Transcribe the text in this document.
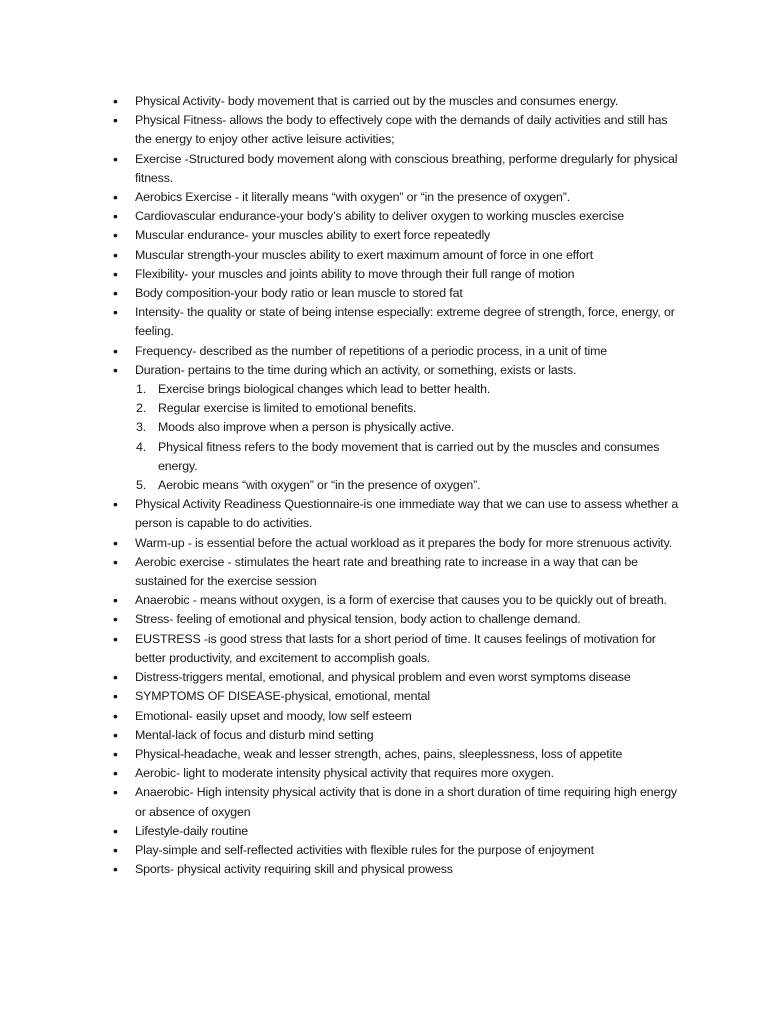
• Physical Activity- body movement that is carried out by the muscles and consumes energy.
• Physical Fitness- allows the body to effectively cope with the demands of daily activities and still has the energy to enjoy other active leisure activities;
• Exercise -Structured body movement along with conscious breathing, performe dregularly for physical fitness.
• Aerobics Exercise - it literally means “with oxygen” or “in the presence of oxygen”.
• Cardiovascular endurance-your body’s ability to deliver oxygen to working muscles exercise
• Muscular endurance- your muscles ability to exert force repeatedly
• Muscular strength-your muscles ability to exert maximum amount of force in one effort
• Flexibility- your muscles and joints ability to move through their full range of motion
• Body composition-your body ratio or lean muscle to stored fat
• Intensity- the quality or state of being intense especially: extreme degree of strength, force, energy, or feeling.
• Frequency- described as the number of repetitions of a periodic process, in a unit of time
• Duration- pertains to the time during which an activity, or something, exists or lasts.
1. Exercise brings biological changes which lead to better health.
2. Regular exercise is limited to emotional benefits.
3. Moods also improve when a person is physically active.
4. Physical fitness refers to the body movement that is carried out by the muscles and consumes energy.
5. Aerobic means “with oxygen” or “in the presence of oxygen”.
• Physical Activity Readiness Questionnaire-is one immediate way that we can use to assess whether a person is capable to do activities.
• Warm-up - is essential before the actual workload as it prepares the body for more strenuous activity.
• Aerobic exercise - stimulates the heart rate and breathing rate to increase in a way that can be sustained for the exercise session
• Anaerobic - means without oxygen, is a form of exercise that causes you to be quickly out of breath.
• Stress- feeling of emotional and physical tension, body action to challenge demand.
• EUSTRESS -is good stress that lasts for a short period of time. It causes feelings of motivation for better productivity, and excitement to accomplish goals.
• Distress-triggers mental, emotional, and physical problem and even worst symptoms disease
• SYMPTOMS OF DISEASE-physical, emotional, mental
• Emotional- easily upset and moody, low self esteem
• Mental-lack of focus and disturb mind setting
• Physical-headache, weak and lesser strength, aches, pains, sleeplessness, loss of appetite
• Aerobic- light to moderate intensity physical activity that requires more oxygen.
• Anaerobic- High intensity physical activity that is done in a short duration of time requiring high energy or absence of oxygen
• Lifestyle-daily routine
• Play-simple and self-reflected activities with flexible rules for the purpose of enjoyment
• Sports- physical activity requiring skill and physical prowess
